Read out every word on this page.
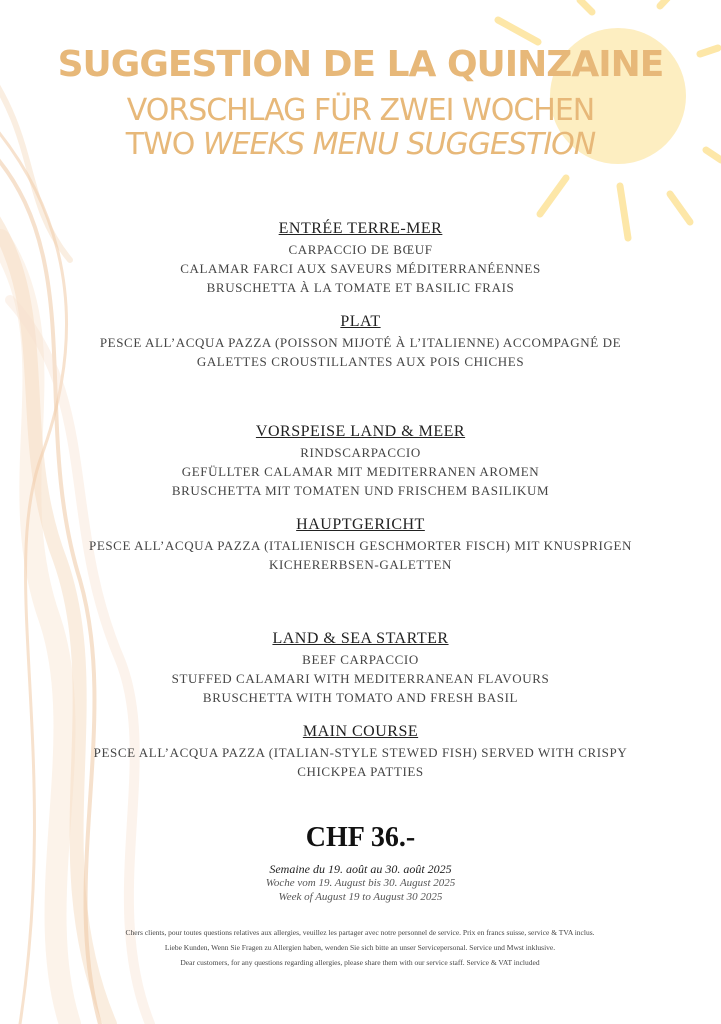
SUGGESTION DE LA QUINZAINE
VORSCHLAG FÜR ZWEI WOCHEN
TWO WEEKS MENU SUGGESTION
ENTRÉE TERRE-MER
CARPACCIO DE BŒUF
CALAMAR FARCI AUX SAVEURS MÉDITERRANÉENNES
BRUSCHETTA À LA TOMATE ET BASILIC FRAIS
PLAT
PESCE ALL’ACQUA PAZZA (POISSON MIJOTÉ À L’ITALIENNE) ACCOMPAGNÉ DE
GALETTES CROUSTILLANTES AUX POIS CHICHES
VORSPEISE LAND & MEER
RINDSCARPACCIO
GEFÜLLTER CALAMAR MIT MEDITERRANEN AROMEN
BRUSCHETTA MIT TOMATEN UND FRISCHEM BASILIKUM
HAUPTGERICHT
PESCE ALL’ACQUA PAZZA (ITALIENISCH GESCHMORTER FISCH) MIT KNUSPRIGEN
KICHERERBSEN-GALETTEN
LAND & SEA STARTER
BEEF CARPACCIO
STUFFED CALAMARI WITH MEDITERRANEAN FLAVOURS
BRUSCHETTA WITH TOMATO AND FRESH BASIL
MAIN COURSE
PESCE ALL’ACQUA PAZZA (ITALIAN-STYLE STEWED FISH) SERVED WITH CRISPY
CHICKPEA PATTIES
CHF 36.-
Semaine du 19. août au 30. août 2025
Woche vom 19. August bis 30. August 2025
Week of August 19 to August 30 2025
Chers clients, pour toutes questions relatives aux allergies, veuillez les partager avec notre personnel de service. Prix en francs suisse, service & TVA inclus.
Liebe Kunden, Wenn Sie Fragen zu Allergien haben, wenden Sie sich bitte an unser Servicepersonal. Service und Mwst inklusive.
Dear customers, for any questions regarding allergies, please share them with our service staff. Service & VAT included
